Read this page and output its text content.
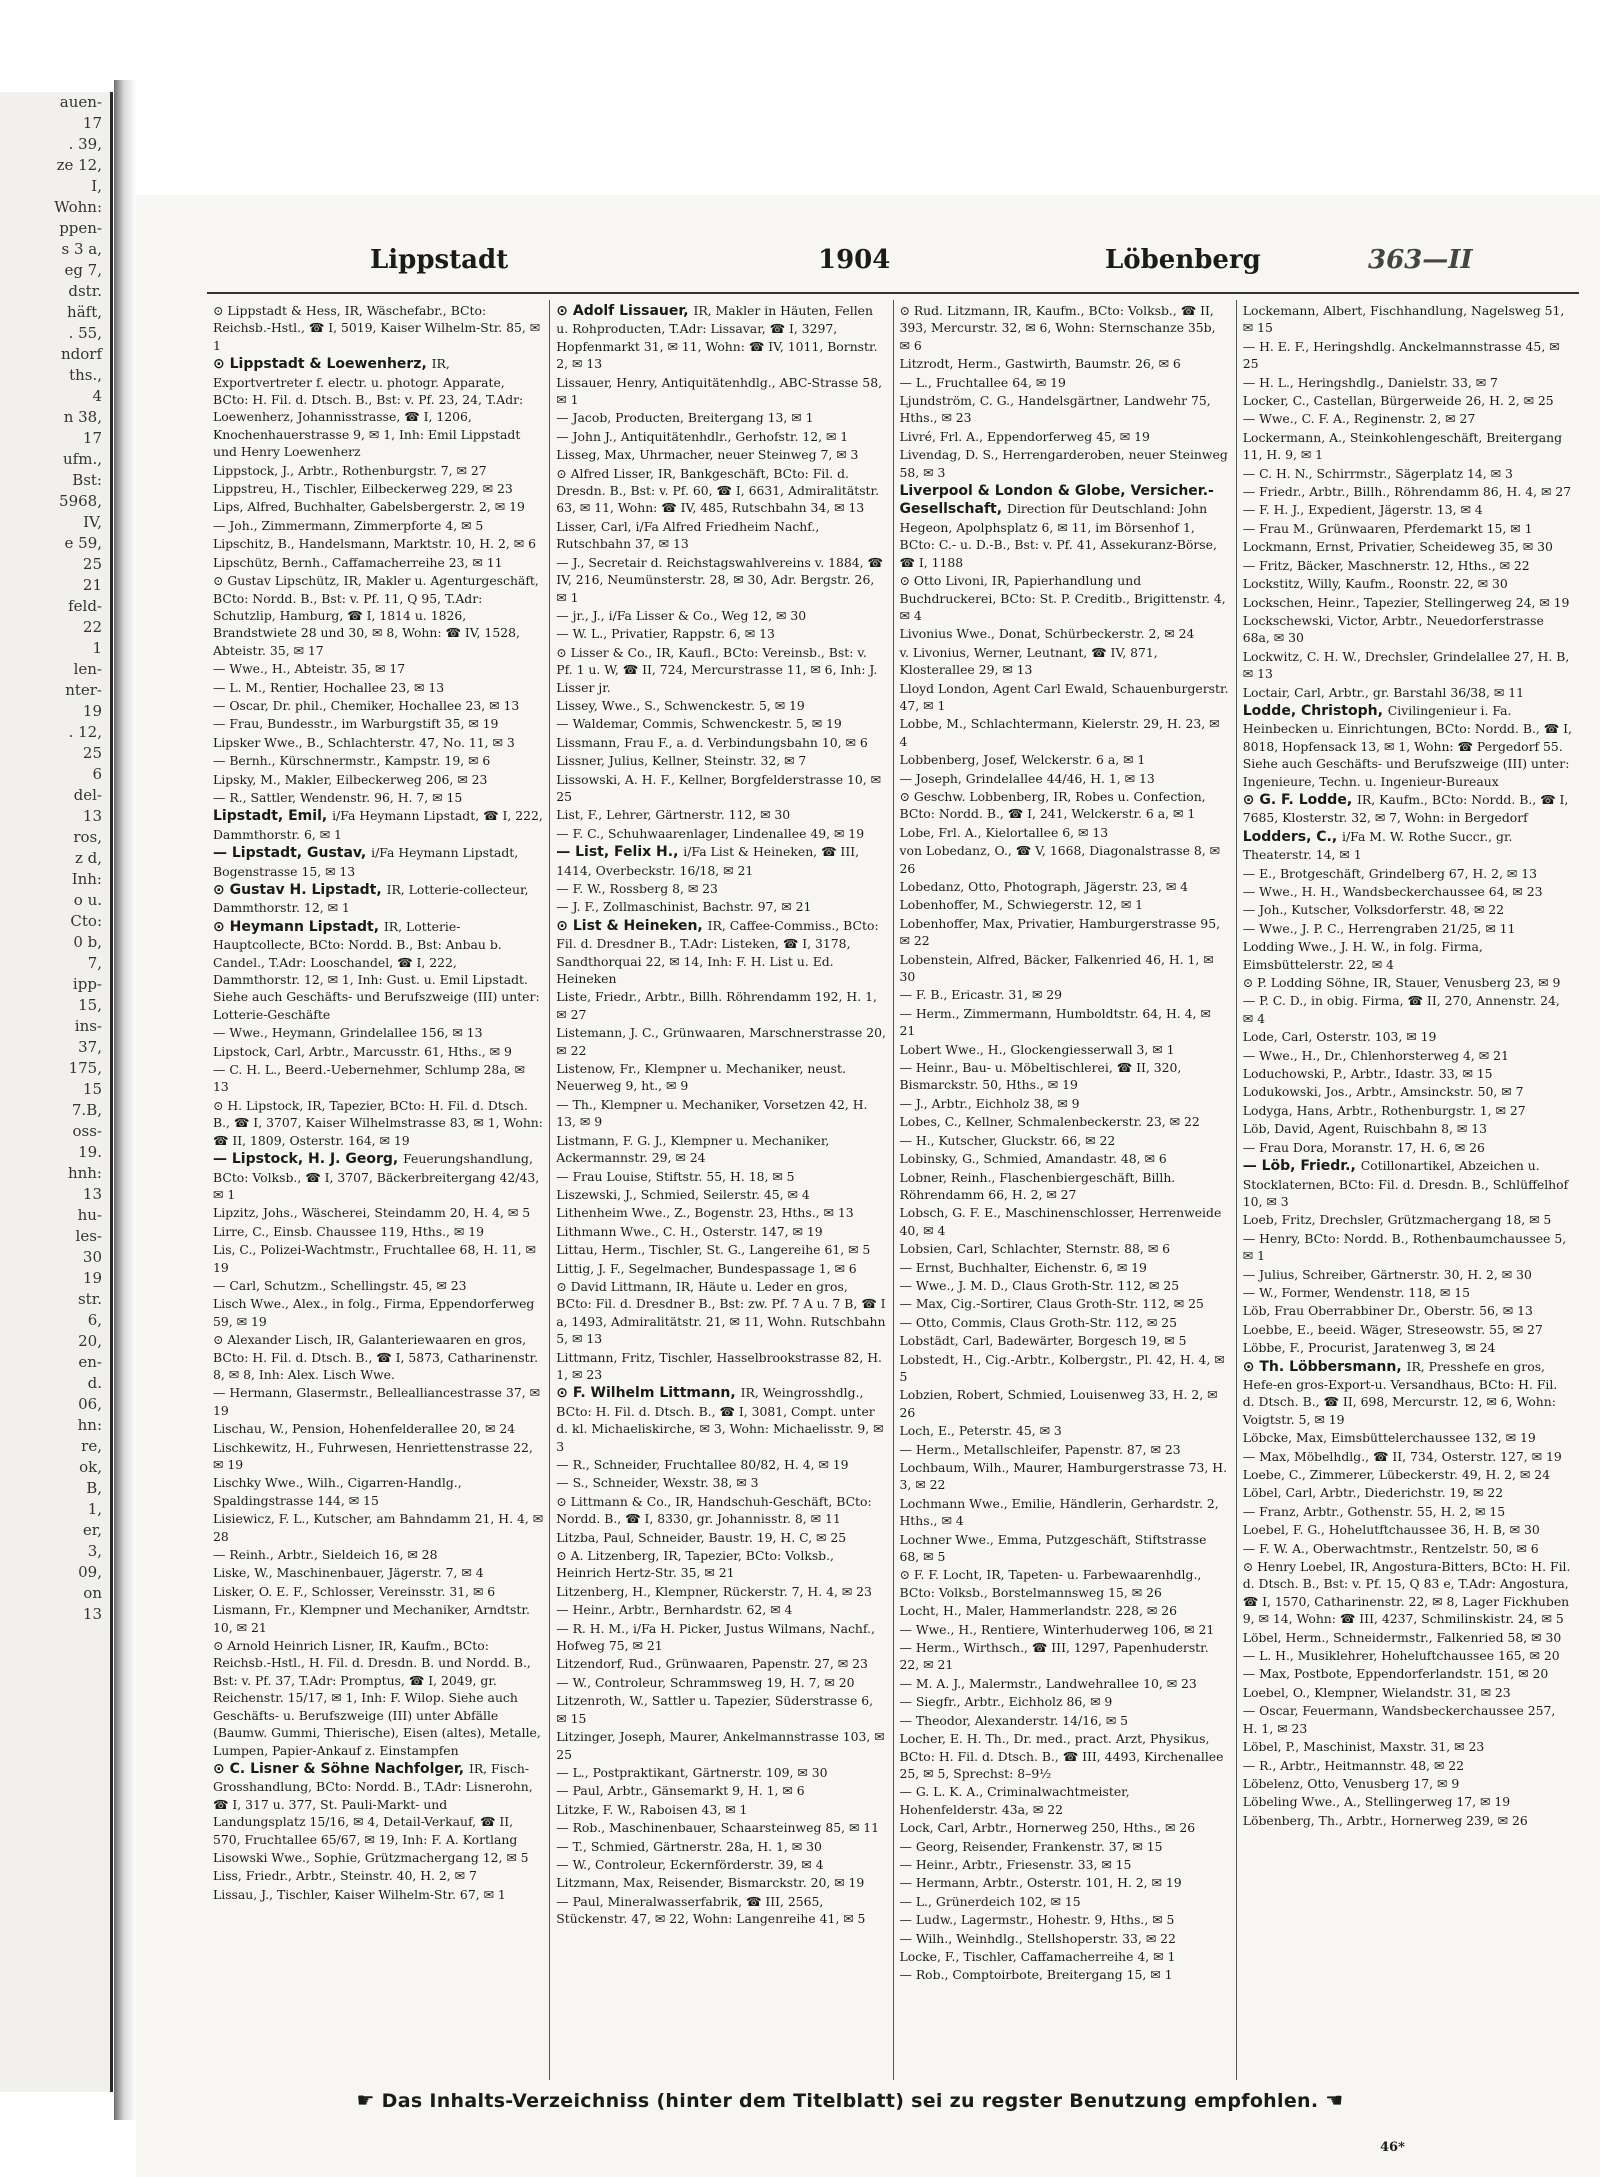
auen-
17
. 39,
ze 12,
I,
Wohn:
ppen-
s 3 a,
eg 7,
dstr.
häft,
. 55,
ndorf
ths.,
4
n 38,
17
ufm.,
Bst:
5968,
IV,
e 59,
25
21
feld-
22
1
len-
nter-
19
. 12,
25
6
del-
13
ros,
z d,
Inh:
o u.
Cto:
0 b,
7,
ipp-
15,
ins-
37,
175,
15
7.B,
oss-
19.
hnh:
13
hu-
les-
30
19
str.
6,
20,
en-
d.
06,
hn:
re,
ok,
B,
1,
er,
3,
09,
on
13
Lippstadt	1904	Löbenberg	363—II
⊙ Lippstadt & Hess, IR, Wäschefabr., BCto: Reichsb.-Hstl., ☎ I, 5019, Kaiser Wilhelm-Str. 85, ✉ 1
⊙ Lippstadt & Loewenherz, IR, Exportvertreter f. electr. u. photogr. Apparate, BCto: H. Fil. d. Dtsch. B., Bst: v. Pf. 23, 24, T.Adr: Loewenherz, Johannisstrasse, ☎ I, 1206, Knochenhauerstrasse 9, ✉ 1, Inh: Emil Lippstadt und Henry Loewenherz
Lippstock, J., Arbtr., Rothenburgstr. 7, ✉ 27
Lippstreu, H., Tischler, Eilbeckerweg 229, ✉ 23
Lips, Alfred, Buchhalter, Gabelsbergerstr. 2, ✉ 19
— Joh., Zimmermann, Zimmerpforte 4, ✉ 5
Lipschitz, B., Handelsmann, Marktstr. 10, H. 2, ✉ 6
Lipschütz, Bernh., Caffamacherreihe 23, ✉ 11
⊙ Gustav Lipschütz, IR, Makler u. Agenturgeschäft, BCto: Nordd. B., Bst: v. Pf. 11, Q 95, T.Adr: Schutzlip, Hamburg, ☎ I, 1814 u. 1826, Brandstwiete 28 und 30, ✉ 8, Wohn: ☎ IV, 1528, Abteistr. 35, ✉ 17
— Wwe., H., Abteistr. 35, ✉ 17
— L. M., Rentier, Hochallee 23, ✉ 13
— Oscar, Dr. phil., Chemiker, Hochallee 23, ✉ 13
— Frau, Bundesstr., im Warburgstift 35, ✉ 19
Lipsker Wwe., B., Schlachterstr. 47, No. 11, ✉ 3
— Bernh., Kürschnermstr., Kampstr. 19, ✉ 6
Lipsky, M., Makler, Eilbeckerweg 206, ✉ 23
— R., Sattler, Wendenstr. 96, H. 7, ✉ 15
Lipstadt, Emil, i/Fa Heymann Lipstadt, ☎ I, 222, Dammthorstr. 6, ✉ 1
— Lipstadt, Gustav, i/Fa Heymann Lipstadt, Bogenstrasse 15, ✉ 13
⊙ Gustav H. Lipstadt, IR, Lotterie-collecteur, Dammthorstr. 12, ✉ 1
⊙ Heymann Lipstadt, IR, Lotterie-Hauptcollecte, BCto: Nordd. B., Bst: Anbau b. Candel., T.Adr: Looschandel, ☎ I, 222, Dammthorstr. 12, ✉ 1, Inh: Gust. u. Emil Lipstadt. Siehe auch Geschäfts- und Berufszweige (III) unter: Lotterie-Geschäfte
— Wwe., Heymann, Grindelallee 156, ✉ 13
Lipstock, Carl, Arbtr., Marcusstr. 61, Hths., ✉ 9
— C. H. L., Beerd.-Uebernehmer, Schlump 28a, ✉ 13
⊙ H. Lipstock, IR, Tapezier, BCto: H. Fil. d. Dtsch. B., ☎ I, 3707, Kaiser Wilhelmstrasse 83, ✉ 1, Wohn: ☎ II, 1809, Osterstr. 164, ✉ 19
— Lipstock, H. J. Georg, Feuerungshandlung, BCto: Volksb., ☎ I, 3707, Bäckerbreitergang 42/43, ✉ 1
Lipzitz, Johs., Wäscherei, Steindamm 20, H. 4, ✉ 5
Lirre, C., Einsb. Chaussee 119, Hths., ✉ 19
Lis, C., Polizei-Wachtmstr., Fruchtallee 68, H. 11, ✉ 19
— Carl, Schutzm., Schellingstr. 45, ✉ 23
Lisch Wwe., Alex., in folg., Firma, Eppendorferweg 59, ✉ 19
⊙ Alexander Lisch, IR, Galanteriewaaren en gros, BCto: H. Fil. d. Dtsch. B., ☎ I, 5873, Catharinenstr. 8, ✉ 8, Inh: Alex. Lisch Wwe.
— Hermann, Glasermstr., Bellealliancestrasse 37, ✉ 19
Lischau, W., Pension, Hohenfelderallee 20, ✉ 24
Lischkewitz, H., Fuhrwesen, Henriettenstrasse 22, ✉ 19
Lischky Wwe., Wilh., Cigarren-Handlg., Spaldingstrasse 144, ✉ 15
Lisiewicz, F. L., Kutscher, am Bahndamm 21, H. 4, ✉ 28
— Reinh., Arbtr., Sieldeich 16, ✉ 28
Liske, W., Maschinenbauer, Jägerstr. 7, ✉ 4
Lisker, O. E. F., Schlosser, Vereinsstr. 31, ✉ 6
Lismann, Fr., Klempner und Mechaniker, Arndtstr. 10, ✉ 21
⊙ Arnold Heinrich Lisner, IR, Kaufm., BCto: Reichsb.-Hstl., H. Fil. d. Dresdn. B. und Nordd. B., Bst: v. Pf. 37, T.Adr: Promptus, ☎ I, 2049, gr. Reichenstr. 15/17, ✉ 1, Inh: F. Wilop. Siehe auch Geschäfts- u. Berufszweige (III) unter Abfälle (Baumw. Gummi, Thierische), Eisen (altes), Metalle, Lumpen, Papier-Ankauf z. Einstampfen
⊙ C. Lisner & Söhne Nachfolger, IR, Fisch-Grosshandlung, BCto: Nordd. B., T.Adr: Lisnerohn, ☎ I, 317 u. 377, St. Pauli-Markt- und Landungsplatz 15/16, ✉ 4, Detail-Verkauf, ☎ II, 570, Fruchtallee 65/67, ✉ 19, Inh: F. A. Kortlang
Lisowski Wwe., Sophie, Grützmachergang 12, ✉ 5
Liss, Friedr., Arbtr., Steinstr. 40, H. 2, ✉ 7
Lissau, J., Tischler, Kaiser Wilhelm-Str. 67, ✉ 1
⊙ Adolf Lissauer, IR, Makler in Häuten, Fellen u. Rohproducten, T.Adr: Lissavar, ☎ I, 3297, Hopfenmarkt 31, ✉ 11, Wohn: ☎ IV, 1011, Bornstr. 2, ✉ 13
Lissauer, Henry, Antiquitätenhdlg., ABC-Strasse 58, ✉ 1
— Jacob, Producten, Breitergang 13, ✉ 1
— John J., Antiquitätenhdlr., Gerhofstr. 12, ✉ 1
Lisseg, Max, Uhrmacher, neuer Steinweg 7, ✉ 3
⊙ Alfred Lisser, IR, Bankgeschäft, BCto: Fil. d. Dresdn. B., Bst: v. Pf. 60, ☎ I, 6631, Admiralitätstr. 63, ✉ 11, Wohn: ☎ IV, 485, Rutschbahn 34, ✉ 13
Lisser, Carl, i/Fa Alfred Friedheim Nachf., Rutschbahn 37, ✉ 13
— J., Secretair d. Reichstagswahlvereins v. 1884, ☎ IV, 216, Neumünsterstr. 28, ✉ 30, Adr. Bergstr. 26, ✉ 1
— jr., J., i/Fa Lisser & Co., Weg 12, ✉ 30
— W. L., Privatier, Rappstr. 6, ✉ 13
⊙ Lisser & Co., IR, Kaufl., BCto: Vereinsb., Bst: v. Pf. 1 u. W, ☎ II, 724, Mercurstrasse 11, ✉ 6, Inh: J. Lisser jr.
Lissey, Wwe., S., Schwenckestr. 5, ✉ 19
— Waldemar, Commis, Schwenckestr. 5, ✉ 19
Lissmann, Frau F., a. d. Verbindungsbahn 10, ✉ 6
Lissner, Julius, Kellner, Steinstr. 32, ✉ 7
Lissowski, A. H. F., Kellner, Borgfelderstrasse 10, ✉ 25
List, F., Lehrer, Gärtnerstr. 112, ✉ 30
— F. C., Schuhwaarenlager, Lindenallee 49, ✉ 19
— List, Felix H., i/Fa List & Heineken, ☎ III, 1414, Overbeckstr. 16/18, ✉ 21
— F. W., Rossberg 8, ✉ 23
— J. F., Zollmaschinist, Bachstr. 97, ✉ 21
⊙ List & Heineken, IR, Caffee-Commiss., BCto: Fil. d. Dresdner B., T.Adr: Listeken, ☎ I, 3178, Sandthorquai 22, ✉ 14, Inh: F. H. List u. Ed. Heineken
Liste, Friedr., Arbtr., Billh. Röhrendamm 192, H. 1, ✉ 27
Listemann, J. C., Grünwaaren, Marschnerstrasse 20, ✉ 22
Listenow, Fr., Klempner u. Mechaniker, neust. Neuerweg 9, ht., ✉ 9
— Th., Klempner u. Mechaniker, Vorsetzen 42, H. 13, ✉ 9
Listmann, F. G. J., Klempner u. Mechaniker, Ackermannstr. 29, ✉ 24
— Frau Louise, Stiftstr. 55, H. 18, ✉ 5
Liszewski, J., Schmied, Seilerstr. 45, ✉ 4
Lithenheim Wwe., Z., Bogenstr. 23, Hths., ✉ 13
Lithmann Wwe., C. H., Osterstr. 147, ✉ 19
Littau, Herm., Tischler, St. G., Langereihe 61, ✉ 5
Littig, J. F., Segelmacher, Bundespassage 1, ✉ 6
⊙ David Littmann, IR, Häute u. Leder en gros, BCto: Fil. d. Dresdner B., Bst: zw. Pf. 7 A u. 7 B, ☎ I a, 1493, Admiralitätstr. 21, ✉ 11, Wohn. Rutschbahn 5, ✉ 13
Littmann, Fritz, Tischler, Hasselbrookstrasse 82, H. 1, ✉ 23
⊙ F. Wilhelm Littmann, IR, Weingrosshdlg., BCto: H. Fil. d. Dtsch. B., ☎ I, 3081, Compt. unter d. kl. Michaeliskirche, ✉ 3, Wohn: Michaelisstr. 9, ✉ 3
— R., Schneider, Fruchtallee 80/82, H. 4, ✉ 19
— S., Schneider, Wexstr. 38, ✉ 3
⊙ Littmann & Co., IR, Handschuh-Geschäft, BCto: Nordd. B., ☎ I, 8330, gr. Johannisstr. 8, ✉ 11
Litzba, Paul, Schneider, Baustr. 19, H. C, ✉ 25
⊙ A. Litzenberg, IR, Tapezier, BCto: Volksb., Heinrich Hertz-Str. 35, ✉ 21
Litzenberg, H., Klempner, Rückerstr. 7, H. 4, ✉ 23
— Heinr., Arbtr., Bernhardstr. 62, ✉ 4
— R. H. M., i/Fa H. Picker, Justus Wilmans, Nachf., Hofweg 75, ✉ 21
Litzendorf, Rud., Grünwaaren, Papenstr. 27, ✉ 23
— W., Controleur, Schrammsweg 19, H. 7, ✉ 20
Litzenroth, W., Sattler u. Tapezier, Süderstrasse 6, ✉ 15
Litzinger, Joseph, Maurer, Ankelmannstrasse 103, ✉ 25
— L., Postpraktikant, Gärtnerstr. 109, ✉ 30
— Paul, Arbtr., Gänsemarkt 9, H. 1, ✉ 6
Litzke, F. W., Raboisen 43, ✉ 1
— Rob., Maschinenbauer, Schaarsteinweg 85, ✉ 11
— T., Schmied, Gärtnerstr. 28a, H. 1, ✉ 30
— W., Controleur, Eckernförderstr. 39, ✉ 4
Litzmann, Max, Reisender, Bismarckstr. 20, ✉ 19
— Paul, Mineralwasserfabrik, ☎ III, 2565, Stückenstr. 47, ✉ 22, Wohn: Langenreihe 41, ✉ 5
⊙ Rud. Litzmann, IR, Kaufm., BCto: Volksb., ☎ II, 393, Mercurstr. 32, ✉ 6, Wohn: Sternschanze 35b, ✉ 6
Litzrodt, Herm., Gastwirth, Baumstr. 26, ✉ 6
— L., Fruchtallee 64, ✉ 19
Ljundström, C. G., Handelsgärtner, Landwehr 75, Hths., ✉ 23
Livré, Frl. A., Eppendorferweg 45, ✉ 19
Livendag, D. S., Herrengarderoben, neuer Steinweg 58, ✉ 3
Liverpool & London & Globe, Versicher.-Gesellschaft, Direction für Deutschland: John Hegeon, Apolphsplatz 6, ✉ 11, im Börsenhof 1, BCto: C.- u. D.-B., Bst: v. Pf. 41, Assekuranz-Börse, ☎ I, 1188
⊙ Otto Livoni, IR, Papierhandlung und Buchdruckerei, BCto: St. P. Creditb., Brigittenstr. 4, ✉ 4
Livonius Wwe., Donat, Schürbeckerstr. 2, ✉ 24
v. Livonius, Werner, Leutnant, ☎ IV, 871, Klosterallee 29, ✉ 13
Lloyd London, Agent Carl Ewald, Schauenburgerstr. 47, ✉ 1
Lobbe, M., Schlachtermann, Kielerstr. 29, H. 23, ✉ 4
Lobbenberg, Josef, Welckerstr. 6 a, ✉ 1
— Joseph, Grindelallee 44/46, H. 1, ✉ 13
⊙ Geschw. Lobbenberg, IR, Robes u. Confection, BCto: Nordd. B., ☎ I, 241, Welckerstr. 6 a, ✉ 1
Lobe, Frl. A., Kielortallee 6, ✉ 13
von Lobedanz, O., ☎ V, 1668, Diagonalstrasse 8, ✉ 26
Lobedanz, Otto, Photograph, Jägerstr. 23, ✉ 4
Lobenhoffer, M., Schwiegerstr. 12, ✉ 1
Lobenhoffer, Max, Privatier, Hamburgerstrasse 95, ✉ 22
Lobenstein, Alfred, Bäcker, Falkenried 46, H. 1, ✉ 30
— F. B., Ericastr. 31, ✉ 29
— Herm., Zimmermann, Humboldtstr. 64, H. 4, ✉ 21
Lobert Wwe., H., Glockengiesserwall 3, ✉ 1
— Heinr., Bau- u. Möbeltischlerei, ☎ II, 320, Bismarckstr. 50, Hths., ✉ 19
— J., Arbtr., Eichholz 38, ✉ 9
Lobes, C., Kellner, Schmalenbeckerstr. 23, ✉ 22
— H., Kutscher, Gluckstr. 66, ✉ 22
Lobinsky, G., Schmied, Amandastr. 48, ✉ 6
Lobner, Reinh., Flaschenbiergeschäft, Billh. Röhrendamm 66, H. 2, ✉ 27
Lobsch, G. F. E., Maschinenschlosser, Herrenweide 40, ✉ 4
Lobsien, Carl, Schlachter, Sternstr. 88, ✉ 6
— Ernst, Buchhalter, Eichenstr. 6, ✉ 19
— Wwe., J. M. D., Claus Groth-Str. 112, ✉ 25
— Max, Cig.-Sortirer, Claus Groth-Str. 112, ✉ 25
— Otto, Commis, Claus Groth-Str. 112, ✉ 25
Lobstädt, Carl, Badewärter, Borgesch 19, ✉ 5
Lobstedt, H., Cig.-Arbtr., Kolbergstr., Pl. 42, H. 4, ✉ 5
Lobzien, Robert, Schmied, Louisenweg 33, H. 2, ✉ 26
Loch, E., Peterstr. 45, ✉ 3
— Herm., Metallschleifer, Papenstr. 87, ✉ 23
Lochbaum, Wilh., Maurer, Hamburgerstrasse 73, H. 3, ✉ 22
Lochmann Wwe., Emilie, Händlerin, Gerhardstr. 2, Hths., ✉ 4
Lochner Wwe., Emma, Putzgeschäft, Stiftstrasse 68, ✉ 5
⊙ F. F. Locht, IR, Tapeten- u. Farbewaarenhdlg., BCto: Volksb., Borstelmannsweg 15, ✉ 26
Locht, H., Maler, Hammerlandstr. 228, ✉ 26
— Wwe., H., Rentiere, Winterhuderweg 106, ✉ 21
— Herm., Wirthsch., ☎ III, 1297, Papenhuderstr. 22, ✉ 21
— M. A. J., Malermstr., Landwehrallee 10, ✉ 23
— Siegfr., Arbtr., Eichholz 86, ✉ 9
— Theodor, Alexanderstr. 14/16, ✉ 5
Locher, E. H. Th., Dr. med., pract. Arzt, Physikus, BCto: H. Fil. d. Dtsch. B., ☎ III, 4493, Kirchenallee 25, ✉ 5, Sprechst: 8–9½
— G. L. K. A., Criminalwachtmeister, Hohenfelderstr. 43a, ✉ 22
Lock, Carl, Arbtr., Hornerweg 250, Hths., ✉ 26
— Georg, Reisender, Frankenstr. 37, ✉ 15
— Heinr., Arbtr., Friesenstr. 33, ✉ 15
— Hermann, Arbtr., Osterstr. 101, H. 2, ✉ 19
— L., Grünerdeich 102, ✉ 15
— Ludw., Lagermstr., Hohestr. 9, Hths., ✉ 5
— Wilh., Weinhdlg., Stellshoperstr. 33, ✉ 22
Locke, F., Tischler, Caffamacherreihe 4, ✉ 1
— Rob., Comptoirbote, Breitergang 15, ✉ 1
Lockemann, Albert, Fischhandlung, Nagelsweg 51, ✉ 15
— H. E. F., Heringshdlg. Anckelmannstrasse 45, ✉ 25
— H. L., Heringshdlg., Danielstr. 33, ✉ 7
Locker, C., Castellan, Bürgerweide 26, H. 2, ✉ 25
— Wwe., C. F. A., Reginenstr. 2, ✉ 27
Lockermann, A., Steinkohlengeschäft, Breitergang 11, H. 9, ✉ 1
— C. H. N., Schirrmstr., Sägerplatz 14, ✉ 3
— Friedr., Arbtr., Billh., Röhrendamm 86, H. 4, ✉ 27
— F. H. J., Expedient, Jägerstr. 13, ✉ 4
— Frau M., Grünwaaren, Pferdemarkt 15, ✉ 1
Lockmann, Ernst, Privatier, Scheideweg 35, ✉ 30
— Fritz, Bäcker, Maschnerstr. 12, Hths., ✉ 22
Lockstitz, Willy, Kaufm., Roonstr. 22, ✉ 30
Lockschen, Heinr., Tapezier, Stellingerweg 24, ✉ 19
Lockschewski, Victor, Arbtr., Neuedorferstrasse 68a, ✉ 30
Lockwitz, C. H. W., Drechsler, Grindelallee 27, H. B, ✉ 13
Loctair, Carl, Arbtr., gr. Barstahl 36/38, ✉ 11
Lodde, Christoph, Civilingenieur i. Fa. Heinbecken u. Einrichtungen, BCto: Nordd. B., ☎ I, 8018, Hopfensack 13, ✉ 1, Wohn: ☎ Pergedorf 55. Siehe auch Geschäfts- und Berufszweige (III) unter: Ingenieure, Techn. u. Ingenieur-Bureaux
⊙ G. F. Lodde, IR, Kaufm., BCto: Nordd. B., ☎ I, 7685, Klosterstr. 32, ✉ 7, Wohn: in Bergedorf
Lodders, C., i/Fa M. W. Rothe Succr., gr. Theaterstr. 14, ✉ 1
— E., Brotgeschäft, Grindelberg 67, H. 2, ✉ 13
— Wwe., H. H., Wandsbeckerchaussee 64, ✉ 23
— Joh., Kutscher, Volksdorferstr. 48, ✉ 22
— Wwe., J. P. C., Herrengraben 21/25, ✉ 11
Lodding Wwe., J. H. W., in folg. Firma, Eimsbüttelerstr. 22, ✉ 4
⊙ P. Lodding Söhne, IR, Stauer, Venusberg 23, ✉ 9
— P. C. D., in obig. Firma, ☎ II, 270, Annenstr. 24, ✉ 4
Lode, Carl, Osterstr. 103, ✉ 19
— Wwe., H., Dr., Chlenhorsterweg 4, ✉ 21
Loduchowski, P., Arbtr., Idastr. 33, ✉ 15
Lodukowski, Jos., Arbtr., Amsinckstr. 50, ✉ 7
Lodyga, Hans, Arbtr., Rothenburgstr. 1, ✉ 27
Löb, David, Agent, Ruischbahn 8, ✉ 13
— Frau Dora, Moranstr. 17, H. 6, ✉ 26
— Löb, Friedr., Cotillonartikel, Abzeichen u. Stocklaternen, BCto: Fil. d. Dresdn. B., Schlüffelhof 10, ✉ 3
Loeb, Fritz, Drechsler, Grützmachergang 18, ✉ 5
— Henry, BCto: Nordd. B., Rothenbaumchaussee 5, ✉ 1
— Julius, Schreiber, Gärtnerstr. 30, H. 2, ✉ 30
— W., Former, Wendenstr. 118, ✉ 15
Löb, Frau Oberrabbiner Dr., Oberstr. 56, ✉ 13
Loebbe, E., beeid. Wäger, Streseowstr. 55, ✉ 27
Löbbe, F., Procurist, Jaratenweg 3, ✉ 24
⊙ Th. Löbbersmann, IR, Presshefe en gros, Hefe-en gros-Export-u. Versandhaus, BCto: H. Fil. d. Dtsch. B., ☎ II, 698, Mercurstr. 12, ✉ 6, Wohn: Voigtstr. 5, ✉ 19
Löbcke, Max, Eimsbüttelerchaussee 132, ✉ 19
— Max, Möbelhdlg., ☎ II, 734, Osterstr. 127, ✉ 19
Loebe, C., Zimmerer, Lübeckerstr. 49, H. 2, ✉ 24
Löbel, Carl, Arbtr., Diederichstr. 19, ✉ 22
— Franz, Arbtr., Gothenstr. 55, H. 2, ✉ 15
Loebel, F. G., Hohelutftchaussee 36, H. B, ✉ 30
— F. W. A., Oberwachtmstr., Rentzelstr. 50, ✉ 6
⊙ Henry Loebel, IR, Angostura-Bitters, BCto: H. Fil. d. Dtsch. B., Bst: v. Pf. 15, Q 83 e, T.Adr: Angostura, ☎ I, 1570, Catharinenstr. 22, ✉ 8, Lager Fickhuben 9, ✉ 14, Wohn: ☎ III, 4237, Schmilinskistr. 24, ✉ 5
Löbel, Herm., Schneidermstr., Falkenried 58, ✉ 30
— L. H., Musiklehrer, Hoheluftchaussee 165, ✉ 20
— Max, Postbote, Eppendorferlandstr. 151, ✉ 20
Loebel, O., Klempner, Wielandstr. 31, ✉ 23
— Oscar, Feuermann, Wandsbeckerchaussee 257, H. 1, ✉ 23
Löbel, P., Maschinist, Maxstr. 31, ✉ 23
— R., Arbtr., Heitmannstr. 48, ✉ 22
Löbelenz, Otto, Venusberg 17, ✉ 9
Löbeling Wwe., A., Stellingerweg 17, ✉ 19
Löbenberg, Th., Arbtr., Hornerweg 239, ✉ 26
☛ Das Inhalts-Verzeichniss (hinter dem Titelblatt) sei zu regster Benutzung empfohlen. ☚
46*
